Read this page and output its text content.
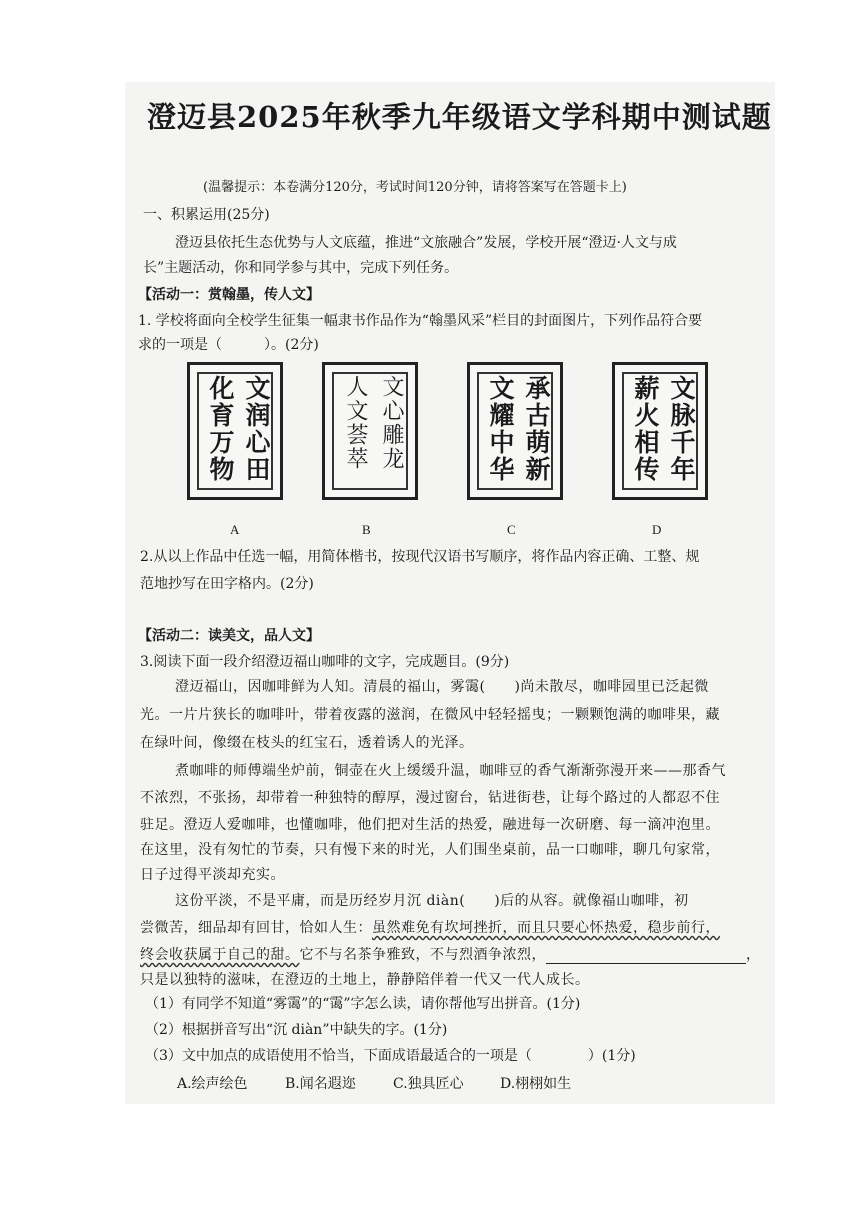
澄迈县2025年秋季九年级语文学科期中测试题
(温馨提示：本卷满分120分，考试时间120分钟，请将答案写在答题卡上)
一、积累运用(25分)
澄迈县依托生态优势与人文底蕴，推进“文旅融合”发展，学校开展“澄迈·人文与成
长”主题活动，你和同学参与其中，完成下列任务。
【活动一：赏翰墨，传人文】
1. 学校将面向全校学生征集一幅隶书作品作为“翰墨风采”栏目的封面图片，下列作品符合要
求的一项是（　　　）。(2分)
文润心田
化育万物	文心雕龙
人文荟萃	承古萌新
文耀中华	文脉千年
薪火相传
A	B	C	D
2.从以上作品中任选一幅，用简体楷书，按现代汉语书写顺序，将作品内容正确、工整、规
范地抄写在田字格内。(2分)
【活动二：读美文，品人文】
3.阅读下面一段介绍澄迈福山咖啡的文字，完成题目。(9分)
澄迈福山，因咖啡鲜为人知。清晨的福山，雾霭(　　)尚未散尽，咖啡园里已泛起微
光。一片片狭长的咖啡叶，带着夜露的滋润，在微风中轻轻摇曳；一颗颗饱满的咖啡果，藏
在绿叶间，像缀在枝头的红宝石，透着诱人的光泽。
煮咖啡的师傅端坐炉前，铜壶在火上缓缓升温，咖啡豆的香气渐渐弥漫开来——那香气
不浓烈，不张扬，却带着一种独特的醇厚，漫过窗台，钻进街巷，让每个路过的人都忍不住
驻足。澄迈人爱咖啡，也懂咖啡，他们把对生活的热爱，融进每一次研磨、每一滴冲泡里。
在这里，没有匆忙的节奏，只有慢下来的时光，人们围坐桌前，品一口咖啡，聊几句家常，
日子过得平淡却充实。
这份平淡，不是平庸，而是历经岁月沉 diàn(　　)后的从容。就像福山咖啡，初
尝微苦，细品却有回甘，恰如人生：虽然难免有坎坷挫折，而且只要心怀热爱，稳步前行，
终会收获属于自己的甜。它不与名茶争雅致，不与烈酒争浓烈，	，
只是以独特的滋味，在澄迈的土地上，静静陪伴着一代又一代人成长。
（1）有同学不知道“雾霭”的“霭”字怎么读，请你帮他写出拼音。(1分)
（2）根据拼音写出“沉 diàn”中缺失的字。(1分)
（3）文中加点的成语使用不恰当，下面成语最适合的一项是（　　　　）(1分)
A.绘声绘色	B.闻名遐迩	C.独具匠心	D.栩栩如生
